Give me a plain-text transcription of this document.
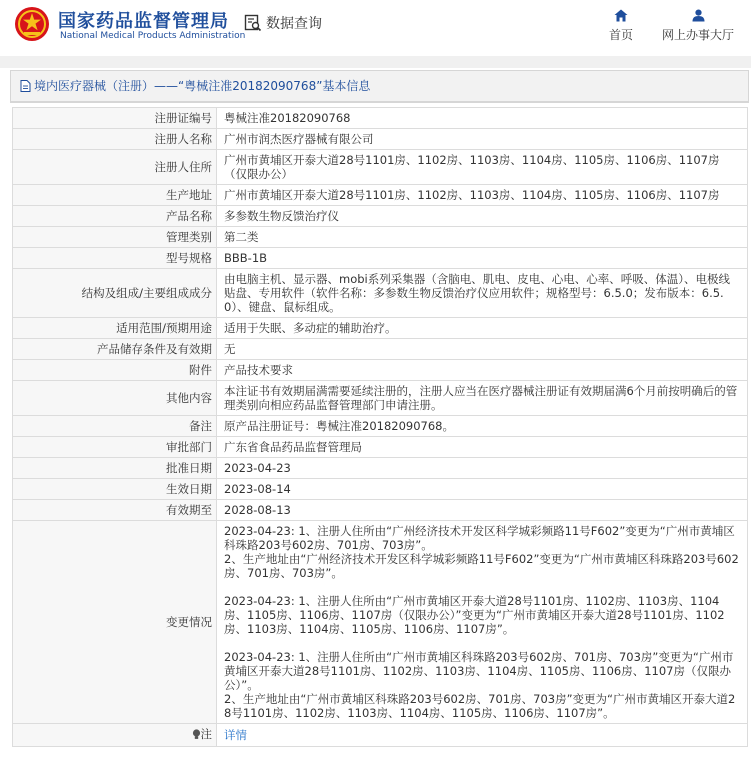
国家药品监督管理局
National Medical Products Administration
数据查询
首页	网上办事大厅
境内医疗器械（注册）——“粤械注准20182090768”基本信息
注册证编号	粤械注准20182090768
注册人名称	广州市润杰医疗器械有限公司
注册人住所	广州市黄埔区开泰大道28号1101房、1102房、1103房、1104房、1105房、1106房、1107房（仅限办公）
生产地址	广州市黄埔区开泰大道28号1101房、1102房、1103房、1104房、1105房、1106房、1107房
产品名称	多参数生物反馈治疗仪
管理类别	第二类
型号规格	BBB-1B
结构及组成/主要组成成分	由电脑主机、显示器、mobi系列采集器（含脑电、肌电、皮电、心电、心率、呼吸、体温）、电极线贴盘、专用软件（软件名称：多参数生物反馈治疗仪应用软件；规格型号：6.5.0；发布版本：6.5.0）、键盘、鼠标组成。
适用范围/预期用途	适用于失眠、多动症的辅助治疗。
产品储存条件及有效期	无
附件	产品技术要求
其他内容	本注证书有效期届满需要延续注册的，注册人应当在医疗器械注册证有效期届满6个月前按明确后的管理类别向相应药品监督管理部门申请注册。
备注	原产品注册证号：粤械注准20182090768。
审批部门	广东省食品药品监督管理局
批准日期	2023-04-23
生效日期	2023-08-14
有效期至	2028-08-13
变更情况	2023-04-23: 1、注册人住所由“广州经济技术开发区科学城彩频路11号F602”变更为“广州市黄埔区科珠路203号602房、701房、703房”。
2、生产地址由“广州经济技术开发区科学城彩频路11号F602”变更为“广州市黄埔区科珠路203号602房、701房、703房”。

2023-04-23: 1、注册人住所由“广州市黄埔区开泰大道28号1101房、1102房、1103房、1104房、1105房、1106房、1107房（仅限办公）”变更为“广州市黄埔区开泰大道28号1101房、1102房、1103房、1104房、1105房、1106房、1107房”。

2023-04-23: 1、注册人住所由“广州市黄埔区科珠路203号602房、701房、703房”变更为“广州市黄埔区开泰大道28号1101房、1102房、1103房、1104房、1105房、1106房、1107房（仅限办公）”。
2、生产地址由“广州市黄埔区科珠路203号602房、701房、703房”变更为“广州市黄埔区开泰大道28号1101房、1102房、1103房、1104房、1105房、1106房、1107房”。

注	详情
